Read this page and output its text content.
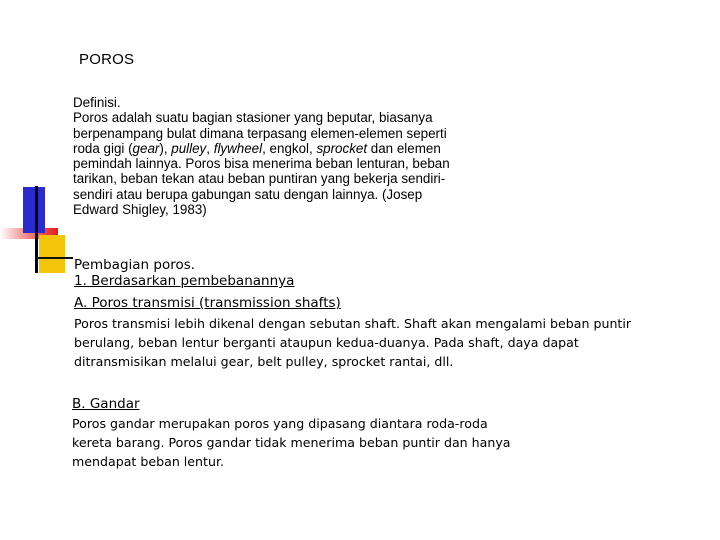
POROS
Definisi.
Poros adalah suatu bagian stasioner yang beputar, biasanya
berpenampang bulat dimana terpasang elemen-elemen seperti
roda gigi (gear), pulley, flywheel, engkol, sprocket dan elemen
pemindah lainnya. Poros bisa menerima beban lenturan, beban
tarikan, beban tekan atau beban puntiran yang bekerja sendiri-
sendiri atau berupa gabungan satu dengan lainnya. (Josep
Edward Shigley, 1983)
Pembagian poros.
1. Berdasarkan pembebanannya
A. Poros transmisi (transmission shafts)
Poros transmisi lebih dikenal dengan sebutan shaft. Shaft akan mengalami beban puntir
berulang, beban lentur berganti ataupun kedua-duanya. Pada shaft, daya dapat
ditransmisikan melalui gear, belt pulley, sprocket rantai, dll.
B. Gandar
Poros gandar merupakan poros yang dipasang diantara roda-roda
kereta barang. Poros gandar tidak menerima beban puntir dan hanya
mendapat beban lentur.
